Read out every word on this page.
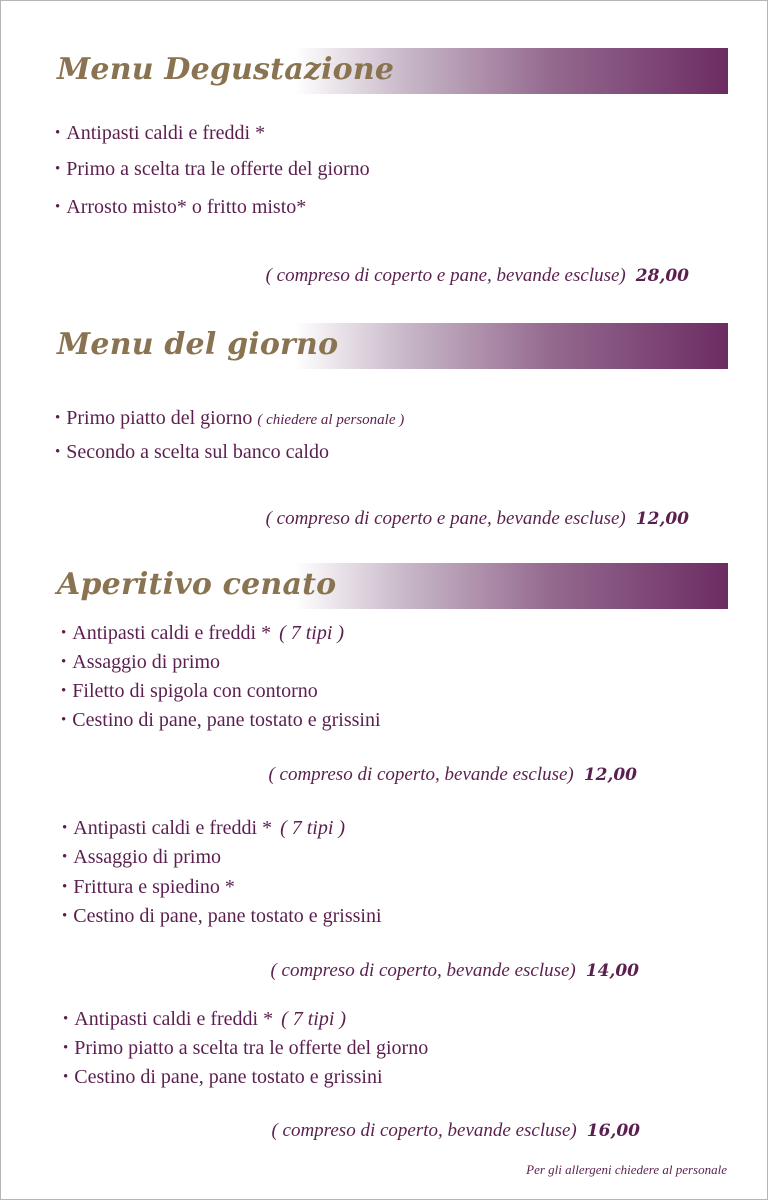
Menu Degustazione
• Antipasti caldi e freddi *
• Primo a scelta tra le offerte del giorno
• Arrosto misto* o fritto misto*
( compreso di coperto e pane, bevande escluse) 28,00
Menu del giorno
• Primo piatto del giorno ( chiedere al personale )
• Secondo a scelta sul banco caldo
( compreso di coperto e pane, bevande escluse) 12,00
Aperitivo cenato
• Antipasti caldi e freddi * ( 7 tipi )
• Assaggio di primo
• Filetto di spigola con contorno
• Cestino di pane, pane tostato e grissini
( compreso di coperto, bevande escluse) 12,00
• Antipasti caldi e freddi * ( 7 tipi )
• Assaggio di primo
• Frittura e spiedino *
• Cestino di pane, pane tostato e grissini
( compreso di coperto, bevande escluse) 14,00
• Antipasti caldi e freddi * ( 7 tipi )
• Primo piatto a scelta tra le offerte del giorno
• Cestino di pane, pane tostato e grissini
( compreso di coperto, bevande escluse) 16,00
Per gli allergeni chiedere al personale
